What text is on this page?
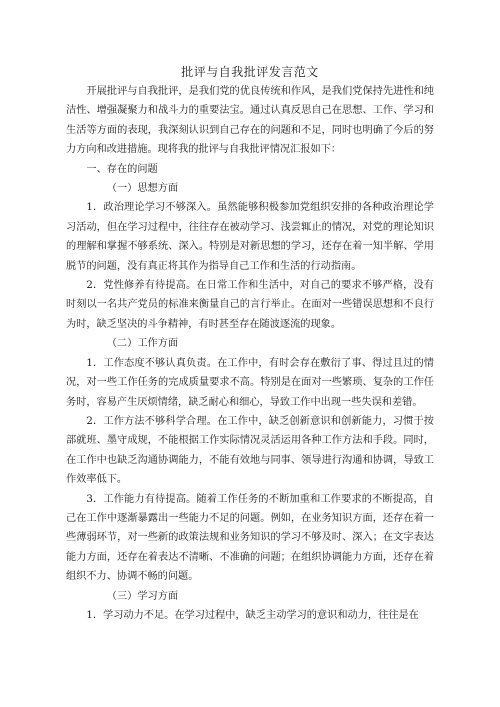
批评与自我批评发言范文

开展批评与自我批评，是我们党的优良传统和作风，是我们党保持先进性和纯洁性、增强凝聚力和战斗力的重要法宝。通过认真反思自己在思想、工作、学习和生活等方面的表现，我深刻认识到自己存在的问题和不足，同时也明确了今后的努力方向和改进措施。现将我的批评与自我批评情况汇报如下：

一、存在的问题

（一）思想方面

1．政治理论学习不够深入。虽然能够积极参加党组织安排的各种政治理论学习活动，但在学习过程中，往往存在被动学习、浅尝辄止的情况，对党的理论知识的理解和掌握不够系统、深入。特别是对新思想的学习，还存在着一知半解、学用脱节的问题，没有真正将其作为指导自己工作和生活的行动指南。

2．党性修养有待提高。在日常工作和生活中，对自己的要求不够严格，没有时刻以一名共产党员的标准来衡量自己的言行举止。在面对一些错误思想和不良行为时，缺乏坚决的斗争精神，有时甚至存在随波逐流的现象。

（二）工作方面

1．工作态度不够认真负责。在工作中，有时会存在敷衍了事、得过且过的情况，对一些工作任务的完成质量要求不高。特别是在面对一些繁琐、复杂的工作任务时，容易产生厌烦情绪，缺乏耐心和细心，导致工作中出现一些失误和差错。

2．工作方法不够科学合理。在工作中，缺乏创新意识和创新能力，习惯于按部就班、墨守成规，不能根据工作实际情况灵活运用各种工作方法和手段。同时，在工作中也缺乏沟通协调能力，不能有效地与同事、领导进行沟通和协调，导致工作效率低下。

3．工作能力有待提高。随着工作任务的不断加重和工作要求的不断提高，自己在工作中逐渐暴露出一些能力不足的问题。例如，在业务知识方面，还存在着一些薄弱环节，对一些新的政策法规和业务知识的学习不够及时、深入；在文字表达能力方面，还存在着表达不清晰、不准确的问题；在组织协调能力方面，还存在着组织不力、协调不畅的问题。

（三）学习方面

1．学习动力不足。在学习过程中，缺乏主动学习的意识和动力，往往是在
